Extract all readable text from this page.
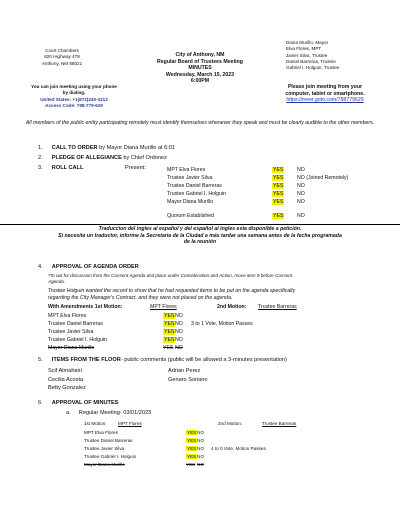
Court Chambers
820 Highway 478
Anthony, NM 88021
City of Anthony, NM
Regular Board of Trustees Meeting
MINUTES
Wednesday, March 15, 2023
6:00PM
Diana Murillo, Mayor
Elva Flores, MPT
Javier Silva, Trustee
Daniel Barreras, Trustee
Gabriel I. Holguin, Trustee
You can join meeting using your phone
by dialing.
United States: +1(872)240-3212
Access Code: 788-779-629
Please join meeting from your
computer, tablet or smartphone.
https://meet.goto.com/788779629
All members of the public entity participating remotely must identify themselves whenever they speak and must be clearly audible to the other members.
1. CALL TO ORDER by Mayor Diana Murillo at 6:01
2. PLEDGE OF ALLEGIANCE by Chief Ordonez
3. ROLL CALL	Present:	MPT Elva Flores	YES	NO
Trustee Javier Silva	YES	NO (Joined Remotely)
Trustee Daniel Barreras	YES	NO
Trustee Gabriel I. Holguin	YES	NO
Mayor Diana Murillo	YES	NO
Quorum Established	YES	NO
Traduccion del ingles al español y del español al ingles esta disponible a petición.
Si necesita un traductor, informe la Secretaria de la Ciudad a más tardar una semana antes de la fecha programada
de la reunión
4. APPROVAL OF AGENDA ORDER
*To out for discussion from the Consent Agenda and place under Consideration and Action, move item 9 before Consent
Agenda.
Trustee Holguin wanted the record to show that he had requested items to be put on the agenda specifically
regarding the City Manager's Contract, and they were not placed on the agenda.
With Amendments 1st Motion:	MPT Flores	2nd Motion: Trustee Barreras
MPT Elva Flores	YES NO
Trustee Daniel Barreras	YES NO 3 to 1 Vote, Motion Passes
Trustee Javier Silva	YES NO
Trustee Gabriel I. Holguin	YES NO
Mayor Diana Murillo	YES NO
5. ITEMS FROM THE FLOOR- public comments (public will be allowed a 3-minutes presentation)
Scif Almahairi
Cecilia Acosta
Betty Gonzalez
Adrian Perez
Genaro Soriano
6. APPROVAL OF MINUTES
a. Regular Meeting- 03/01/2023
1st Motion:	MPT Flores	2nd Motion:	Trustee Barreras
MPT Elva Flores	YES NO
Trustee Daniel Barreras	YES NO
Trustee Javier Silva	YES NO 4 to 0 Vote, Motion Passes.
Trustee Gabriel I. Holguin	YES NO
Mayor Diana Murillo	YES NO
